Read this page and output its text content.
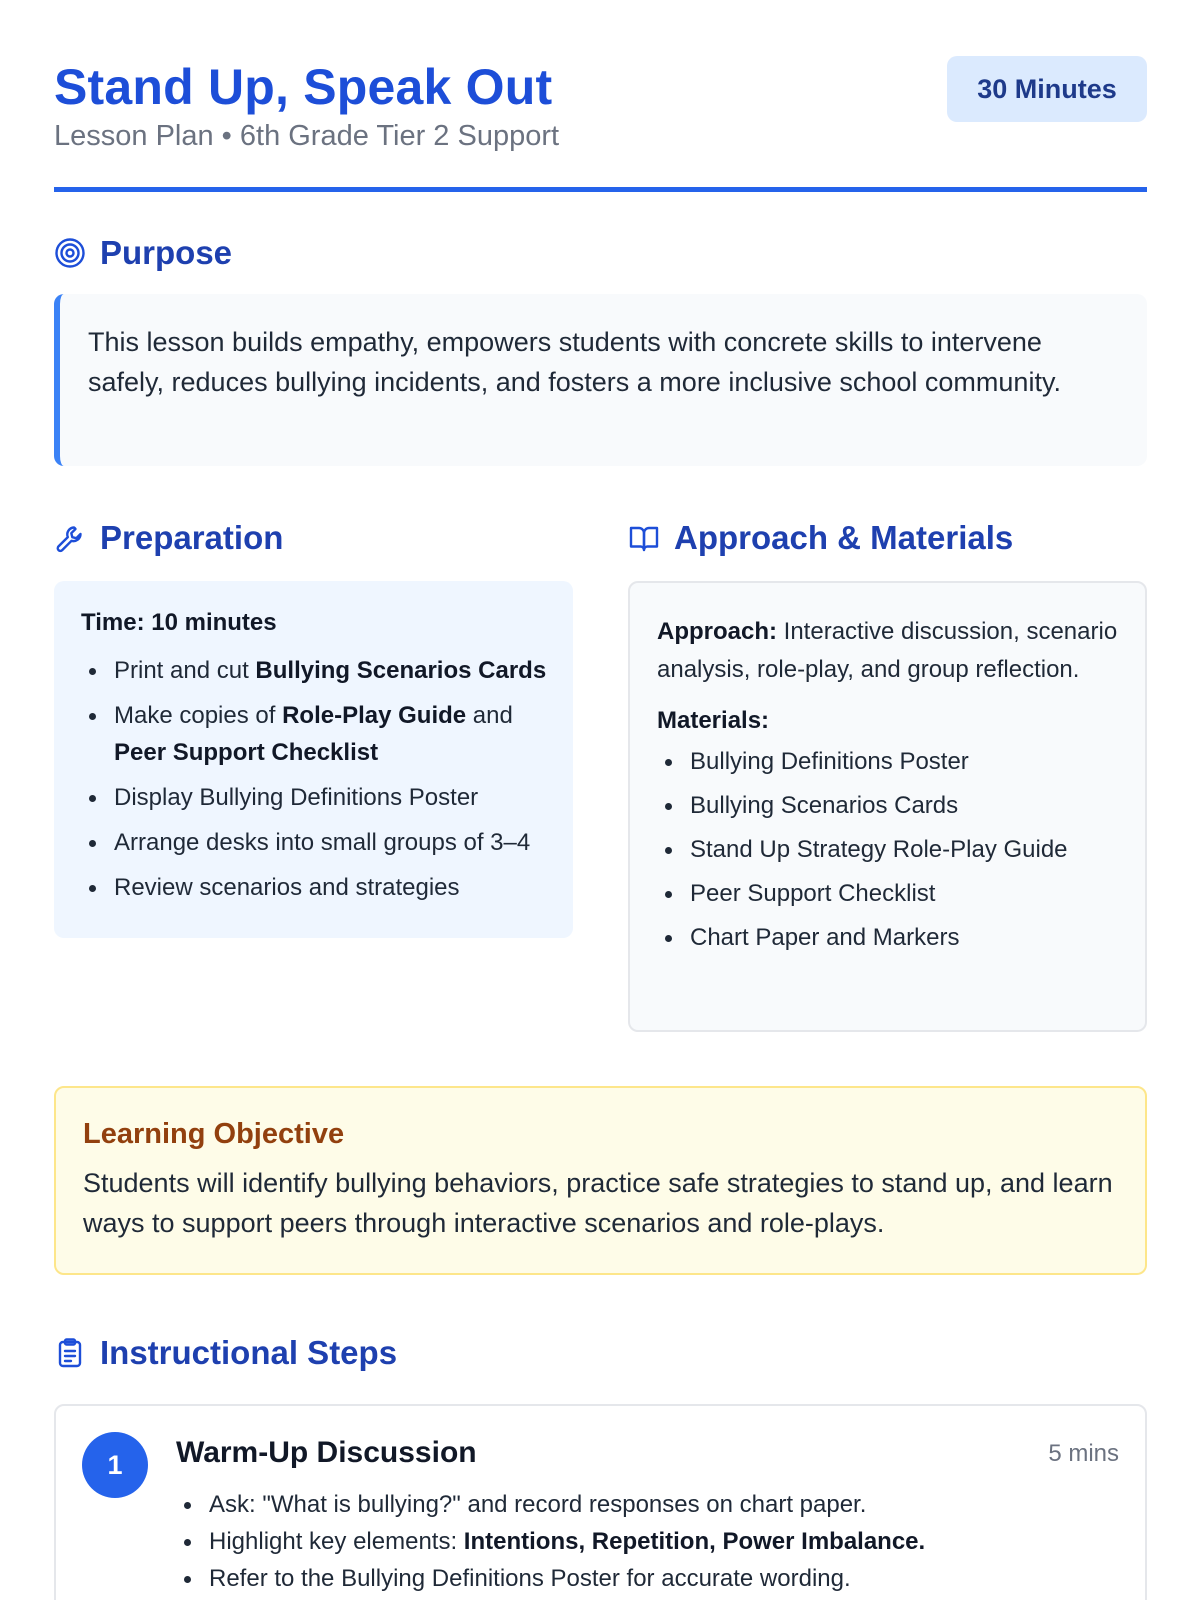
Stand Up, Speak Out
Lesson Plan • 6th Grade Tier 2 Support
30 Minutes
Purpose

This lesson builds empathy, empowers students with concrete skills to intervene safely, reduces bullying incidents, and fosters a more inclusive school community.

Preparation
Time: 10 minutes
Print and cut Bullying Scenarios Cards
Make copies of Role-Play Guide and Peer Support Checklist
Display Bullying Definitions Poster
Arrange desks into small groups of 3–4
Review scenarios and strategies
Approach & Materials

Approach: Interactive discussion, scenario analysis, role-play, and group reflection.

Materials:
Bullying Definitions Poster
Bullying Scenarios Cards
Stand Up Strategy Role-Play Guide
Peer Support Checklist
Chart Paper and Markers
Learning Objective

Students will identify bullying behaviors, practice safe strategies to stand up, and learn ways to support peers through interactive scenarios and role-plays.

Instructional Steps
1	Warm-Up Discussion	5 mins
Ask: "What is bullying?" and record responses on chart paper.
Highlight key elements: Intentions, Repetition, Power Imbalance.
Refer to the Bullying Definitions Poster for accurate wording.
